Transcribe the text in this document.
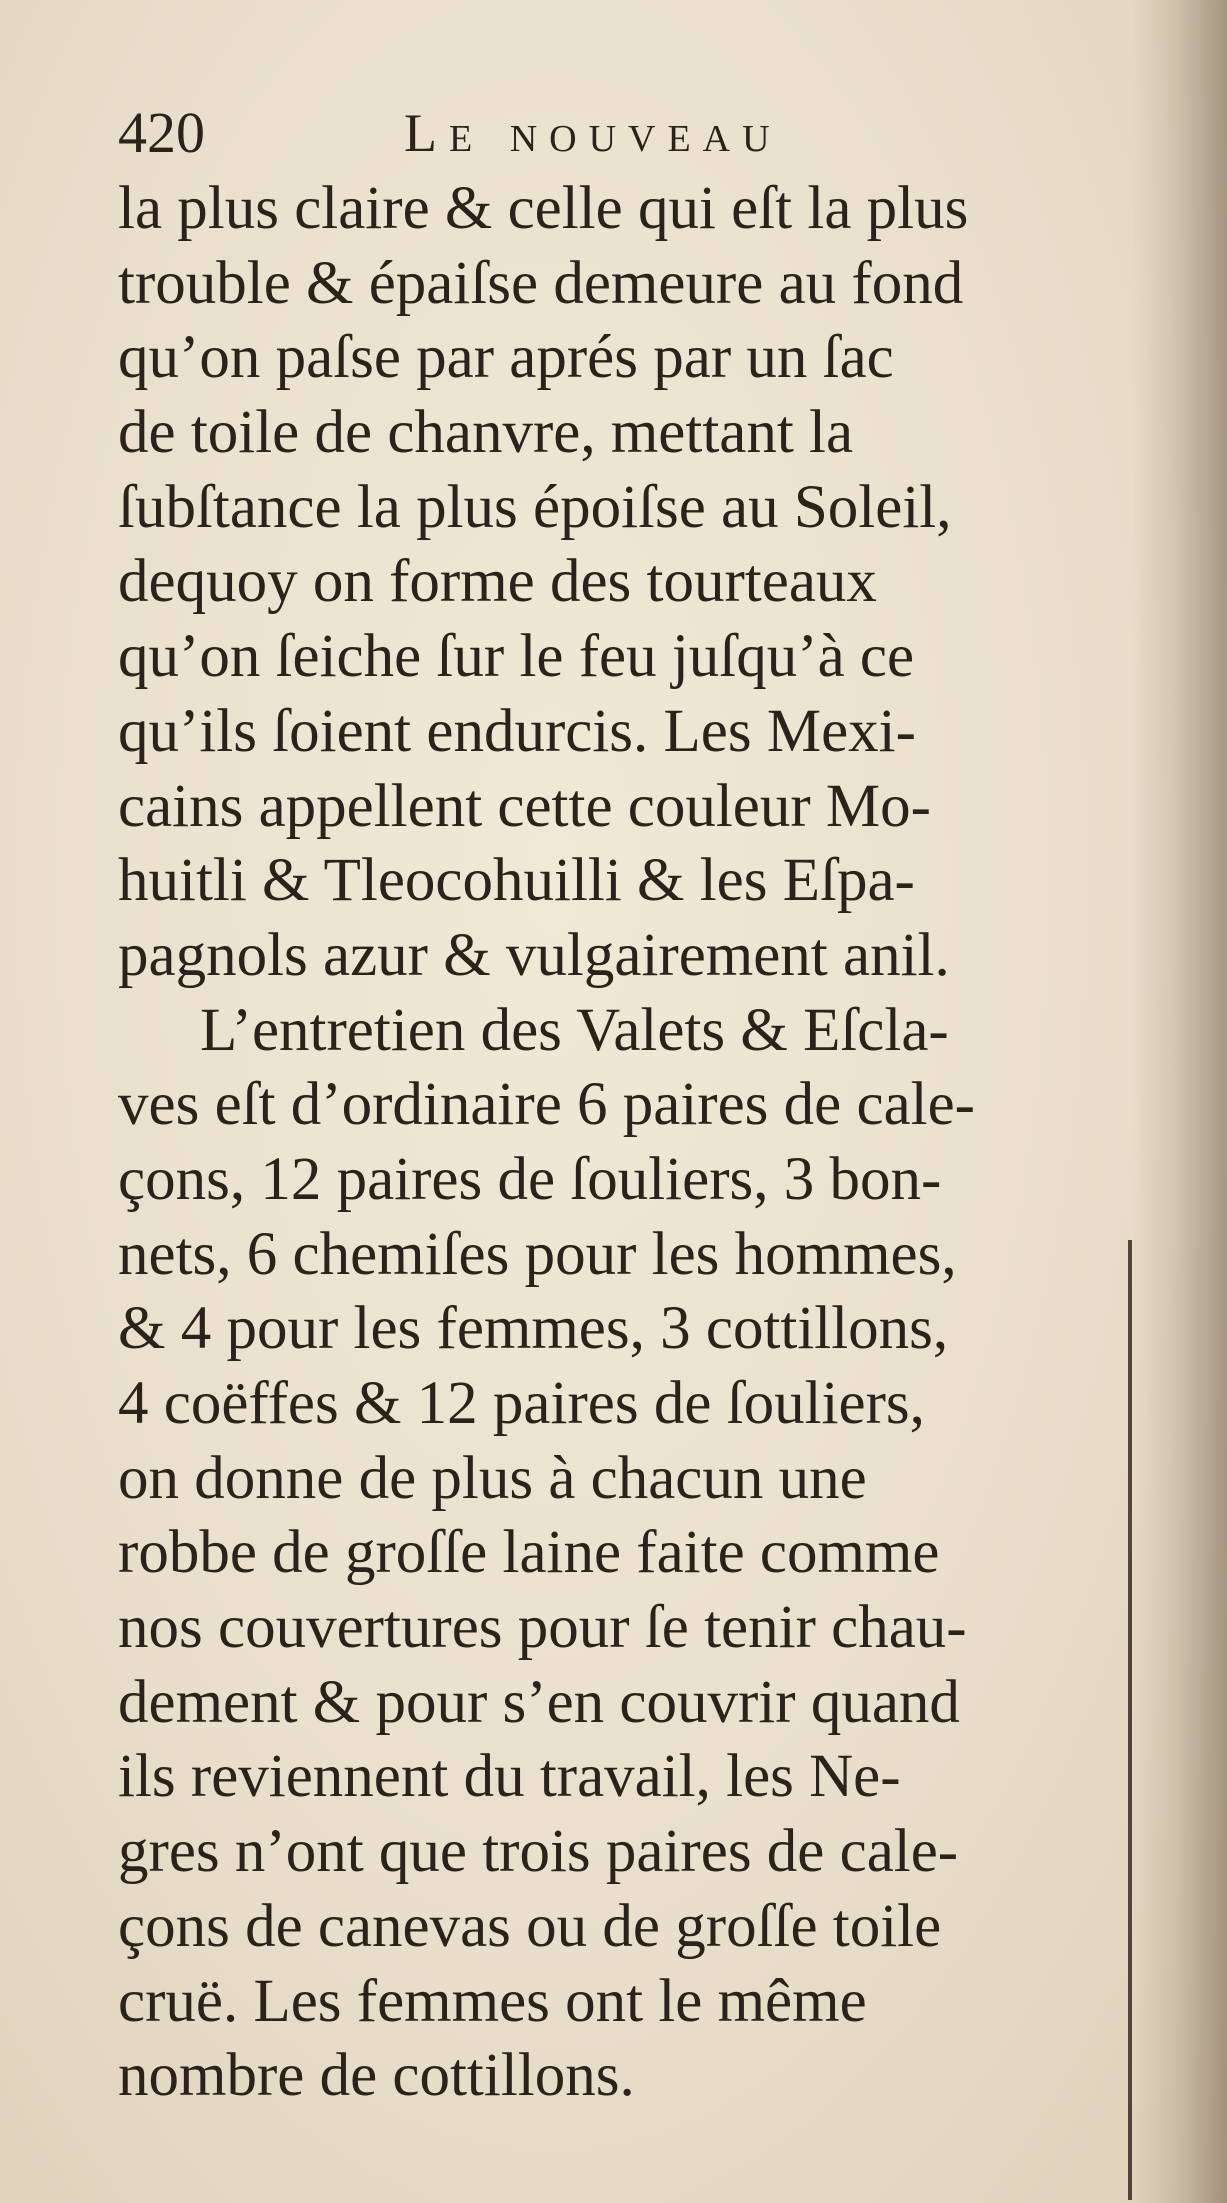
420	Le nouveau
la plus claire & celle qui eſt la plus
trouble & épaiſse demeure au fond
qu’on paſse par aprés par un ſac
de toile de chanvre, mettant la
ſubſtance la plus époiſse au Soleil,
dequoy on forme des tourteaux
qu’on ſeiche ſur le feu juſqu’à ce
qu’ils ſoient endurcis. Les Mexi-
cains appellent cette couleur Mo-
huitli & Tleocohuilli & les Eſpa-
pagnols azur & vulgairement anil.
L’entretien des Valets & Eſcla-
ves eſt d’ordinaire 6 paires de cale-
çons, 12 paires de ſouliers, 3 bon-
nets, 6 chemiſes pour les hommes,
& 4 pour les femmes, 3 cottillons,
4 coëffes & 12 paires de ſouliers,
on donne de plus à chacun une
robbe de groſſe laine faite comme
nos couvertures pour ſe tenir chau-
dement & pour s’en couvrir quand
ils reviennent du travail, les Ne-
gres n’ont que trois paires de cale-
çons de canevas ou de groſſe toile
cruë. Les femmes ont le même
nombre de cottillons.
